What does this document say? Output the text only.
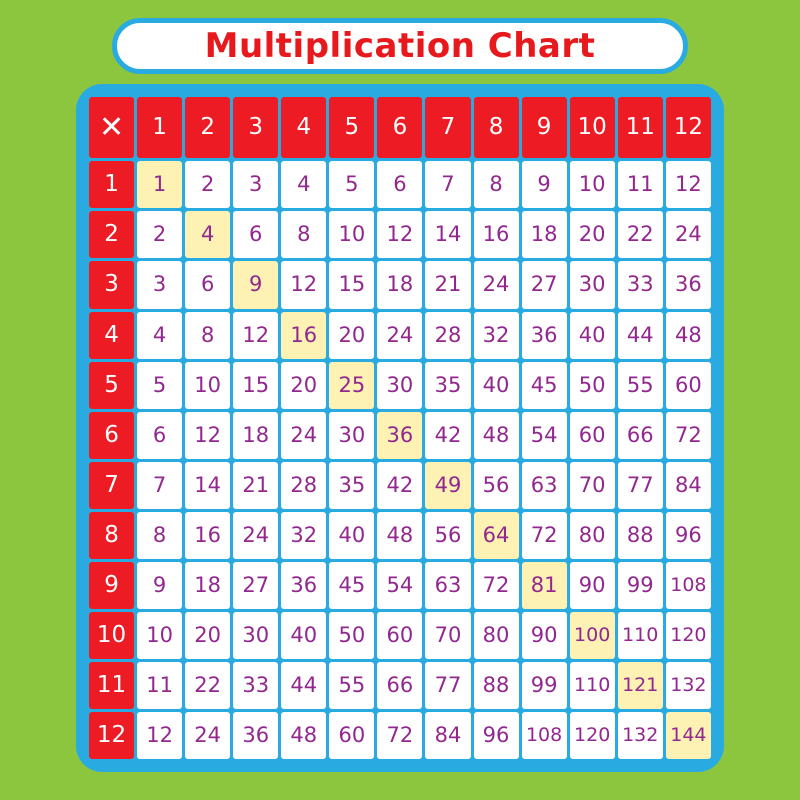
Multiplication Chart
✕	1	2	3	4	5	6	7	8	9	10	11	12
1	1	2	3	4	5	6	7	8	9	10	11	12
2	2	4	6	8	10	12	14	16	18	20	22	24
3	3	6	9	12	15	18	21	24	27	30	33	36
4	4	8	12	16	20	24	28	32	36	40	44	48
5	5	10	15	20	25	30	35	40	45	50	55	60
6	6	12	18	24	30	36	42	48	54	60	66	72
7	7	14	21	28	35	42	49	56	63	70	77	84
8	8	16	24	32	40	48	56	64	72	80	88	96
9	9	18	27	36	45	54	63	72	81	90	99	108
10	10	20	30	40	50	60	70	80	90	100	110	120
11	11	22	33	44	55	66	77	88	99	110	121	132
12	12	24	36	48	60	72	84	96	108	120	132	144
